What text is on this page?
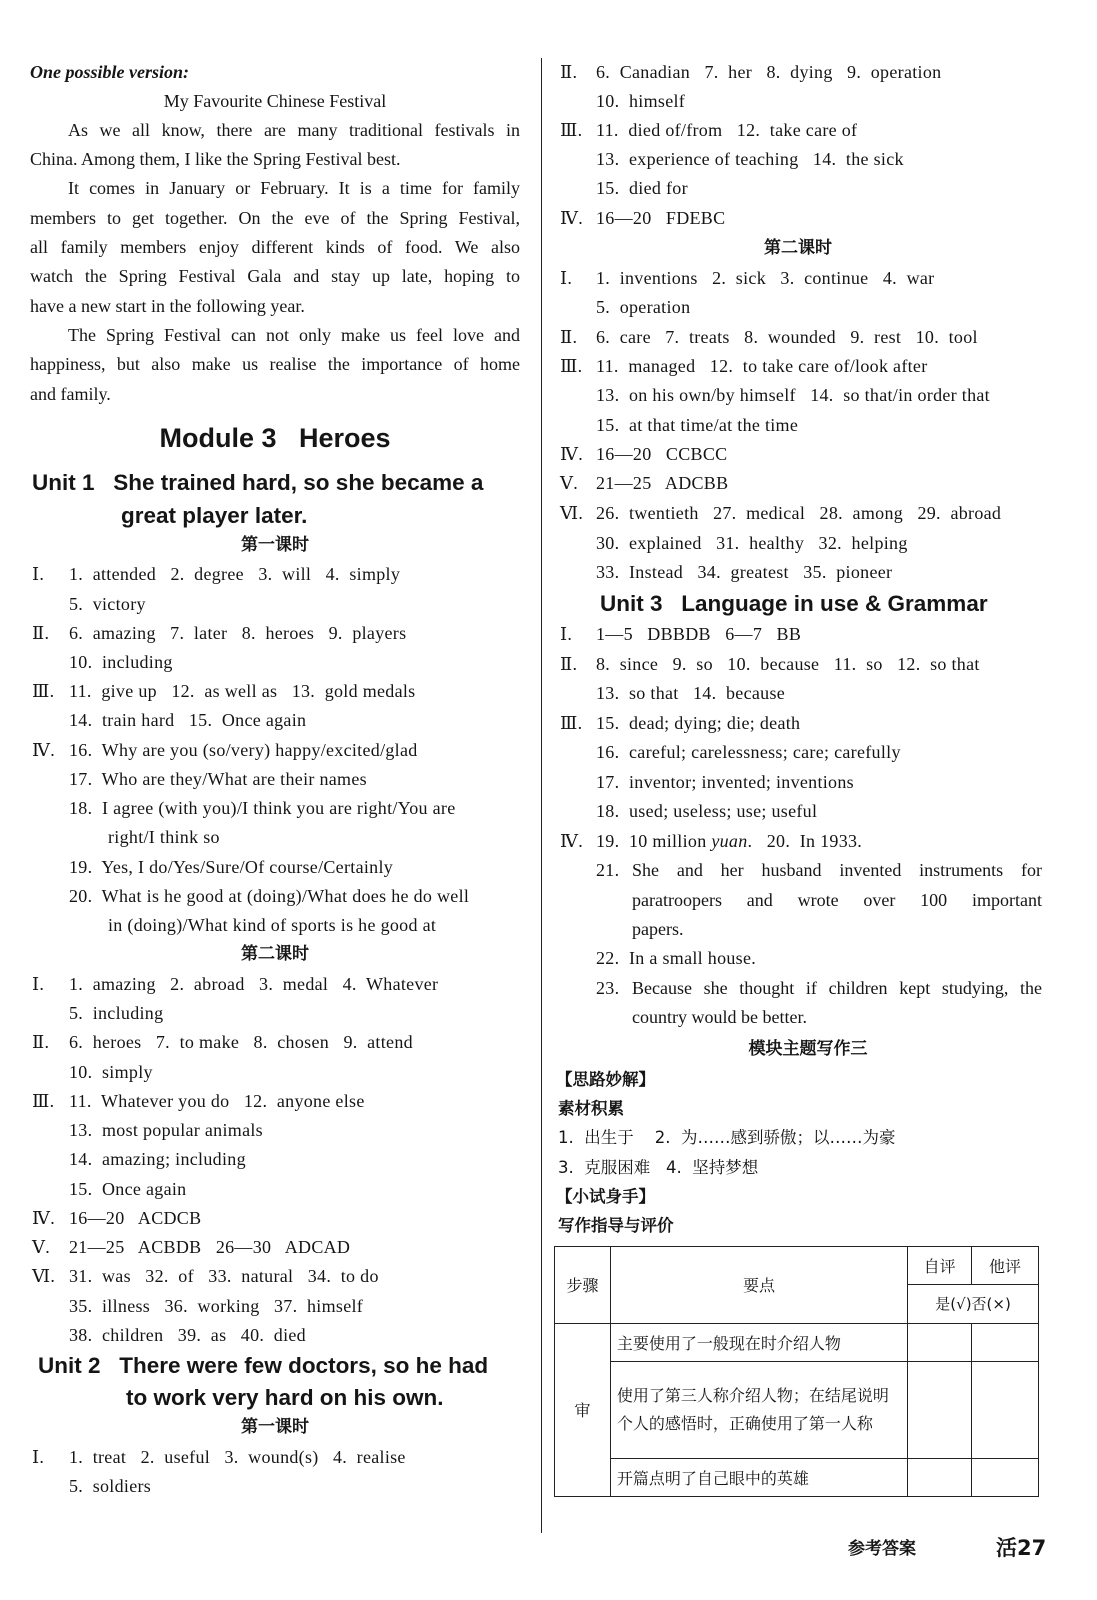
One possible version:
My Favourite Chinese Festival
As we all know, there are many traditional festivals in
China. Among them, I like the Spring Festival best.
It comes in January or February. It is a time for family
members to get together. On the eve of the Spring Festival,
all family members enjoy different kinds of food. We also
watch the Spring Festival Gala and stay up late, hoping to
have a new start in the following year.
The Spring Festival can not only make us feel love and
happiness, but also make us realise the importance of home
and family.
Module 3   Heroes
Unit 1   She trained hard, so she became a
great player later.
第一课时
Ⅰ. 1.  attended   2.  degree   3.  will   4.  simply
5.  victory
Ⅱ. 6.  amazing   7.  later   8.  heroes   9.  players
10.  including
Ⅲ. 11.  give up   12.  as well as   13.  gold medals
14.  train hard   15.  Once again
Ⅳ. 16.  Why are you (so/very) happy/excited/glad
17.  Who are they/What are their names
18.  I agree (with you)/I think you are right/You are
right/I think so
19.  Yes, I do/Yes/Sure/Of course/Certainly
20.  What is he good at (doing)/What does he do well
in (doing)/What kind of sports is he good at
第二课时
Ⅰ. 1.  amazing   2.  abroad   3.  medal   4.  Whatever
5.  including
Ⅱ. 6.  heroes   7.  to make   8.  chosen   9.  attend
10.  simply
Ⅲ. 11.  Whatever you do   12.  anyone else
13.  most popular animals
14.  amazing; including
15.  Once again
Ⅳ. 16—20   ACDCB
Ⅴ. 21—25   ACBDB   26—30   ADCAD
Ⅵ. 31.  was   32.  of   33.  natural   34.  to do
35.  illness   36.  working   37.  himself
38.  children   39.  as   40.  died
Unit 2   There were few doctors, so he had
to work very hard on his own.
第一课时
Ⅰ. 1.  treat   2.  useful   3.  wound(s)   4.  realise
5.  soldiers
Ⅱ. 6.  Canadian   7.  her   8.  dying   9.  operation
10.  himself
Ⅲ. 11.  died of/from   12.  take care of
13.  experience of teaching   14.  the sick
15.  died for
Ⅳ. 16—20   FDEBC
第二课时
Ⅰ. 1.  inventions   2.  sick   3.  continue   4.  war
5.  operation
Ⅱ. 6.  care   7.  treats   8.  wounded   9.  rest   10.  tool
Ⅲ. 11.  managed   12.  to take care of/look after
13.  on his own/by himself   14.  so that/in order that
15.  at that time/at the time
Ⅳ. 16—20   CCBCC
Ⅴ. 21—25   ADCBB
Ⅵ. 26.  twentieth   27.  medical   28.  among   29.  abroad
30.  explained   31.  healthy   32.  helping
33.  Instead   34.  greatest   35.  pioneer
Unit 3   Language in use & Grammar
Ⅰ. 1—5   DBBDB   6—7   BB
Ⅱ. 8.  since   9.  so   10.  because   11.  so   12.  so that
13.  so that   14.  because
Ⅲ. 15.  dead; dying; die; death
16.  careful; carelessness; care; carefully
17.  inventor; invented; inventions
18.  used; useless; use; useful
Ⅳ. 19.  10 million yuan.   20.  In 1933.
21. She and her husband invented instruments for
paratroopers and wrote over 100 important
papers.
22.  In a small house.
23. Because she thought if children kept studying, the
country would be better.
模块主题写作三
【思路妙解】
素材积累
1.  出生于    2.  为……感到骄傲；以……为豪
3.  克服困难   4.  坚持梦想
【小试身手】
写作指导与评价
步骤	要点	自评	他评
		是(√)否(×)	
审	主要使用了一般现在时介绍人物		
	使用了第三人称介绍人物；在结尾说明个人的感悟时，正确使用了第一人称		
	开篇点明了自己眼中的英雄		
参考答案	活27
